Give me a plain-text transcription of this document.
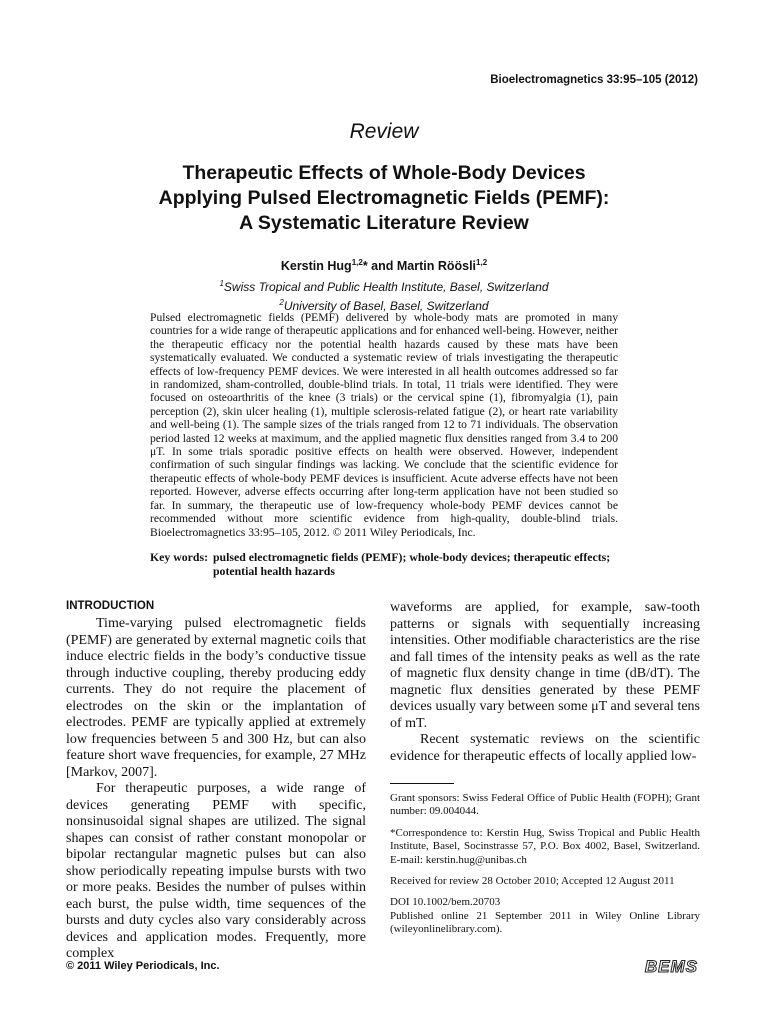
Bioelectromagnetics 33:95–105 (2012)
Review
Therapeutic Effects of Whole-Body Devices
Applying Pulsed Electromagnetic Fields (PEMF):
A Systematic Literature Review
Kerstin Hug$^{1,2}$* and Martin Röösli$^{1,2}$
$^1$Swiss Tropical and Public Health Institute, Basel, Switzerland
$^2$University of Basel, Basel, Switzerland

Pulsed electromagnetic fields (PEMF) delivered by whole-body mats are promoted in many countries for a wide range of therapeutic applications and for enhanced well-being. However, neither the therapeutic efficacy nor the potential health hazards caused by these mats have been systematically evaluated. We conducted a systematic review of trials investigating the therapeutic effects of low-frequency PEMF devices. We were interested in all health outcomes addressed so far in randomized, sham-controlled, double-blind trials. In total, 11 trials were identified. They were focused on osteoarthritis of the knee (3 trials) or the cervical spine (1), fibromyalgia (1), pain perception (2), skin ulcer healing (1), multiple sclerosis-related fatigue (2), or heart rate variability and well-being (1). The sample sizes of the trials ranged from 12 to 71 individuals. The observation period lasted 12 weeks at maximum, and the applied magnetic flux densities ranged from 3.4 to 200 μT. In some trials sporadic positive effects on health were observed. However, independent confirmation of such singular findings was lacking. We conclude that the scientific evidence for therapeutic effects of whole-body PEMF devices is insufficient. Acute adverse effects have not been reported. However, adverse effects occurring after long-term application have not been studied so far. In summary, the therapeutic use of low-frequency whole-body PEMF devices cannot be recommended without more scientific evidence from high-quality, double-blind trials. Bioelectromagnetics 33:95–105, 2012. © 2011 Wiley Periodicals, Inc.

Key words: pulsed electromagnetic fields (PEMF); whole-body devices; therapeutic effects; potential health hazards
INTRODUCTION

Time-varying pulsed electromagnetic fields (PEMF) are generated by external magnetic coils that induce electric fields in the body’s conductive tissue through inductive coupling, thereby producing eddy currents. They do not require the placement of electrodes on the skin or the implantation of electrodes. PEMF are typically applied at extremely low frequencies between 5 and 300 Hz, but can also feature short wave frequencies, for example, 27 MHz [Markov, 2007].

For therapeutic purposes, a wide range of devices generating PEMF with specific, nonsinusoidal signal shapes are utilized. The signal shapes can consist of rather constant monopolar or bipolar rectangular magnetic pulses but can also show periodically repeating impulse bursts with two or more peaks. Besides the number of pulses within each burst, the pulse width, time sequences of the bursts and duty cycles also vary considerably across devices and application modes. Frequently, more complex

waveforms are applied, for example, saw-tooth patterns or signals with sequentially increasing intensities. Other modifiable characteristics are the rise and fall times of the intensity peaks as well as the rate of magnetic flux density change in time (dB/dT). The magnetic flux densities generated by these PEMF devices usually vary between some μT and several tens of mT.

Recent systematic reviews on the scientific evidence for therapeutic effects of locally applied low-

Grant sponsors: Swiss Federal Office of Public Health (FOPH); Grant number: 09.004044.

*Correspondence to: Kerstin Hug, Swiss Tropical and Public Health Institute, Basel, Socinstrasse 57, P.O. Box 4002, Basel, Switzerland. E-mail: kerstin.hug@unibas.ch

Received for review 28 October 2010; Accepted 12 August 2011

DOI 10.1002/bem.20703

Published online 21 September 2011 in Wiley Online Library (wileyonlinelibrary.com).

© 2011 Wiley Periodicals, Inc.	BEMS
